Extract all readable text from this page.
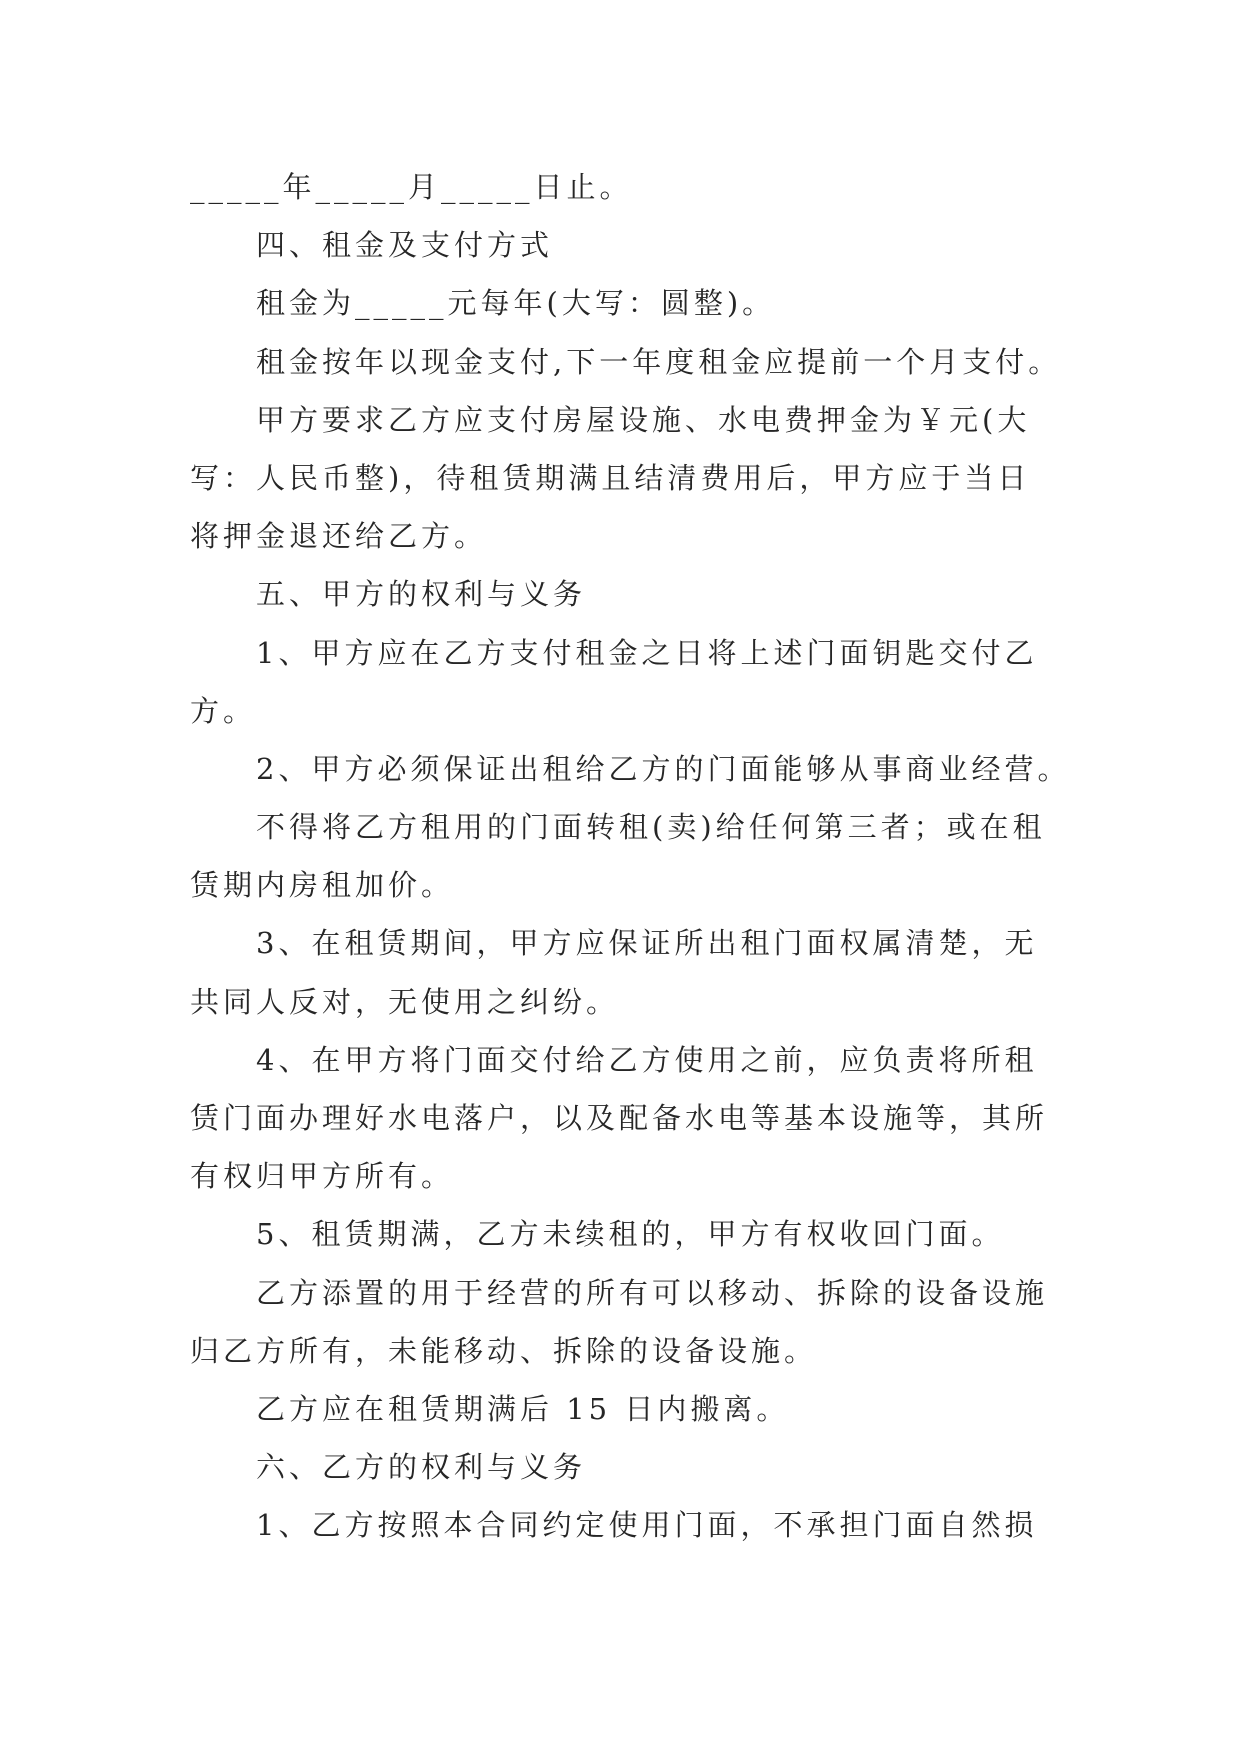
_____年_____月_____日止。
四、租金及支付方式
租金为_____元每年(大写：圆整)。
租金按年以现金支付,下一年度租金应提前一个月支付。
甲方要求乙方应支付房屋设施、水电费押金为￥元(大
写：人民币整)，待租赁期满且结清费用后，甲方应于当日
将押金退还给乙方。
五、甲方的权利与义务
1、甲方应在乙方支付租金之日将上述门面钥匙交付乙
方。
2、甲方必须保证出租给乙方的门面能够从事商业经营。
不得将乙方租用的门面转租(卖)给任何第三者；或在租
赁期内房租加价。
3、在租赁期间，甲方应保证所出租门面权属清楚，无
共同人反对，无使用之纠纷。
4、在甲方将门面交付给乙方使用之前，应负责将所租
赁门面办理好水电落户，以及配备水电等基本设施等，其所
有权归甲方所有。
5、租赁期满，乙方未续租的，甲方有权收回门面。
乙方添置的用于经营的所有可以移动、拆除的设备设施
归乙方所有，未能移动、拆除的设备设施。
乙方应在租赁期满后 15 日内搬离。
六、乙方的权利与义务
1、乙方按照本合同约定使用门面，不承担门面自然损
